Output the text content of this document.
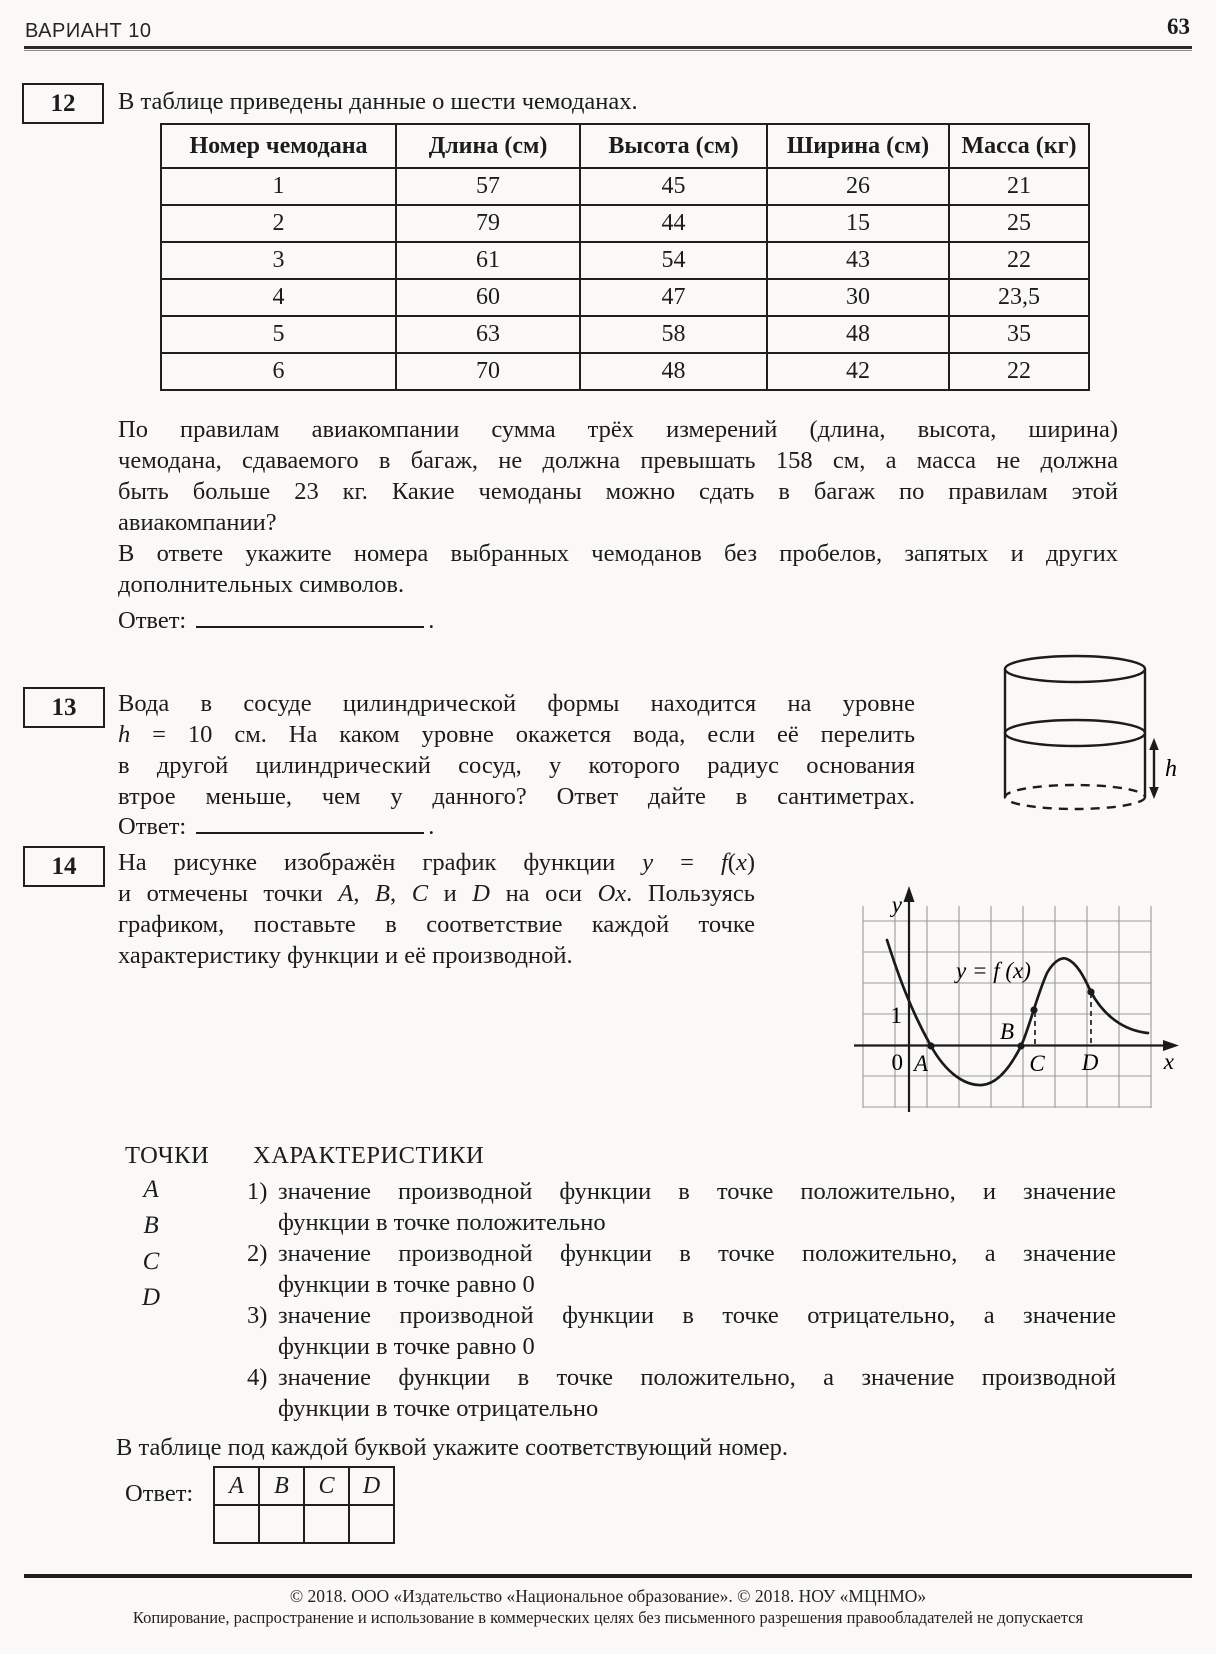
ВАРИАНТ 10	63
12 В таблице приведены данные о шести чемоданах.
Номер чемодана	Длина (см)	Высота (см)	Ширина (см)	Масса (кг)
1	57	45	26	21
2	79	44	15	25
3	61	54	43	22
4	60	47	30	23,5
5	63	58	48	35
6	70	48	42	22
По правилам авиакомпании сумма трёх измерений (длина, высота, ширина)
чемодана, сдаваемого в багаж, не должна превышать 158 см, а масса не должна
быть больше 23 кг. Какие чемоданы можно сдать в багаж по правилам этой
авиакомпании?
В ответе укажите номера выбранных чемоданов без пробелов, запятых и других
дополнительных символов.
Ответ:	.
13 Вода в сосуде цилиндрической формы находится на уровне
h = 10 см. На каком уровне окажется вода, если её перелить
в другой цилиндрический сосуд, у которого радиус основания
втрое меньше, чем у данного? Ответ дайте в сантиметрах.
h
Ответ:	.
14 На рисунке изображён график функции y = f(x)
и отмечены точки A, B, C и D на оси Ox. Пользуясь
графиком, поставьте в соответствие каждой точке
характеристику функции и её производной.
y
x
0
1
y = f (x)
A
B
C D
ТОЧКИ ХАРАКТЕРИСТИКИ
A
B
C
D
1) значение производной функции в точке положительно, и значение
функции в точке положительно
2) значение производной функции в точке положительно, а значение
функции в точке равно 0
3) значение производной функции в точке отрицательно, а значение
функции в точке равно 0
4) значение функции в точке положительно, а значение производной
функции в точке отрицательно
В таблице под каждой буквой укажите соответствующий номер.
Ответ: A	B	C	D

© 2018. ООО «Издательство «Национальное образование». © 2018. НОУ «МЦНМО»
Копирование, распространение и использование в коммерческих целях без письменного разрешения правообладателей не допускается
